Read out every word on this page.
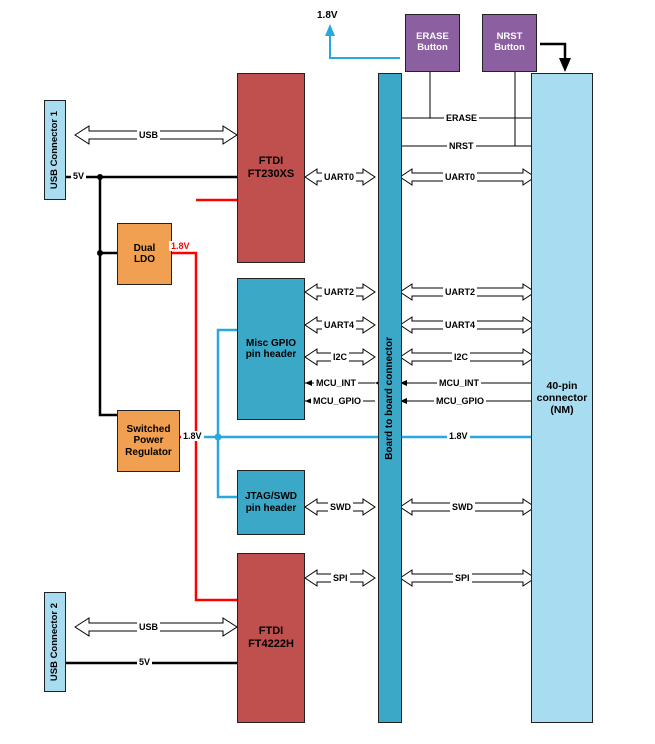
USB Connector 1
USB Connector 2
FTDI
FT230XS
FTDI
FT4222H
Dual
LDO
Switched
Power
Regulator
Misc GPIO
pin header
JTAG/SWD
pin header
Board to board connector	40-pin
connector
(NM)
ERASE
Button
NRST
Button
USB
USB
UART0	UART0
UART2	UART2
UART4	UART4
I2C	I2C
MCU_INT	MCU_INT
MCU_GPIO	MCU_GPIO
SWD	SWD
SPI	SPI
ERASE
NRST
1.8V
1.8V
1.8V	1.8V
5V
5V
